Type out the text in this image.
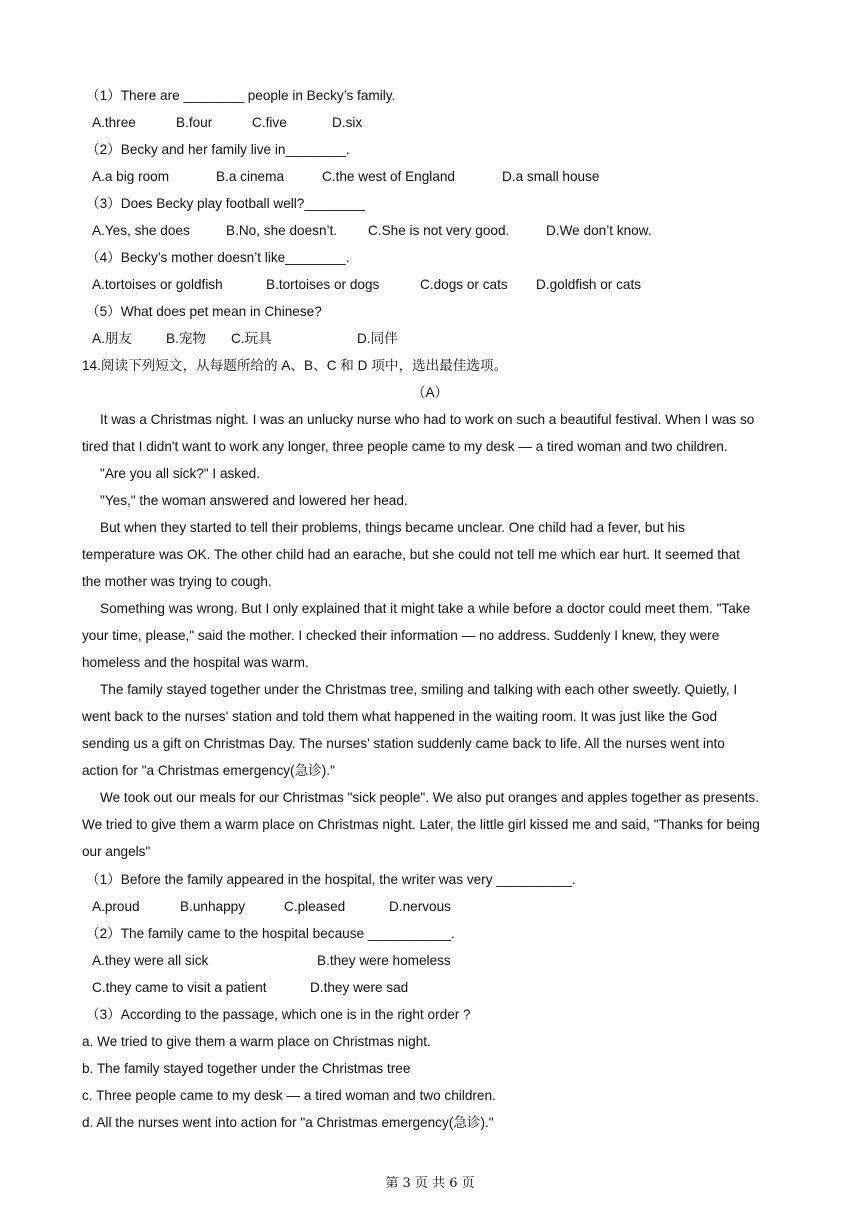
（1）There are ________ people in Becky’s family.
A.three	B.four	C.five	D.six
（2）Becky and her family live in________.
A.a big room	B.a cinema	C.the west of England	D.a small house
（3）Does Becky play football well?________
A.Yes, she does	B.No, she doesn’t. C.She is not very good.	D.We don’t know.
（4）Becky’s mother doesn’t like________.
A.tortoises or goldfish	B.tortoises or dogs	C.dogs or cats D.goldfish or cats
（5）What does pet mean in Chinese?
A.朋友 B.宠物 C.玩具	D.同伴
14.阅读下列短文，从每题所给的 A、B、C 和 D 项中，选出最佳选项。
（A）
It was a Christmas night. I was an unlucky nurse who had to work on such a beautiful festival. When I was so
tired that I didn't want to work any longer, three people came to my desk — a tired woman and two children.
"Are you all sick?" I asked.
"Yes," the woman answered and lowered her head.
But when they started to tell their problems, things became unclear. One child had a fever, but his
temperature was OK. The other child had an earache, but she could not tell me which ear hurt. It seemed that
the mother was trying to cough.
Something was wrong. But I only explained that it might take a while before a doctor could meet them. "Take
your time, please," said the mother. I checked their information — no address. Suddenly I knew, they were
homeless and the hospital was warm.
The family stayed together under the Christmas tree, smiling and talking with each other sweetly. Quietly, I
went back to the nurses' station and told them what happened in the waiting room. It was just like the God
sending us a gift on Christmas Day. The nurses' station suddenly came back to life. All the nurses went into
action for "a Christmas emergency(急诊)."
We took out our meals for our Christmas "sick people". We also put oranges and apples together as presents.
We tried to give them a warm place on Christmas night. Later, the little girl kissed me and said, "Thanks for being
our angels"
（1）Before the family appeared in the hospital, the writer was very __________.
A.proud	B.unhappy	C.pleased	D.nervous
（2）The family came to the hospital because ___________.
A.they were all sick	B.they were homeless
C.they came to visit a patient	D.they were sad
（3）According to the passage, which one is in the right order ?
a. We tried to give them a warm place on Christmas night.
b. The family stayed together under the Christmas tree
c. Three people came to my desk — a tired woman and two children.
d. All the nurses went into action for "a Christmas emergency(急诊)."
第 3 页 共 6 页
